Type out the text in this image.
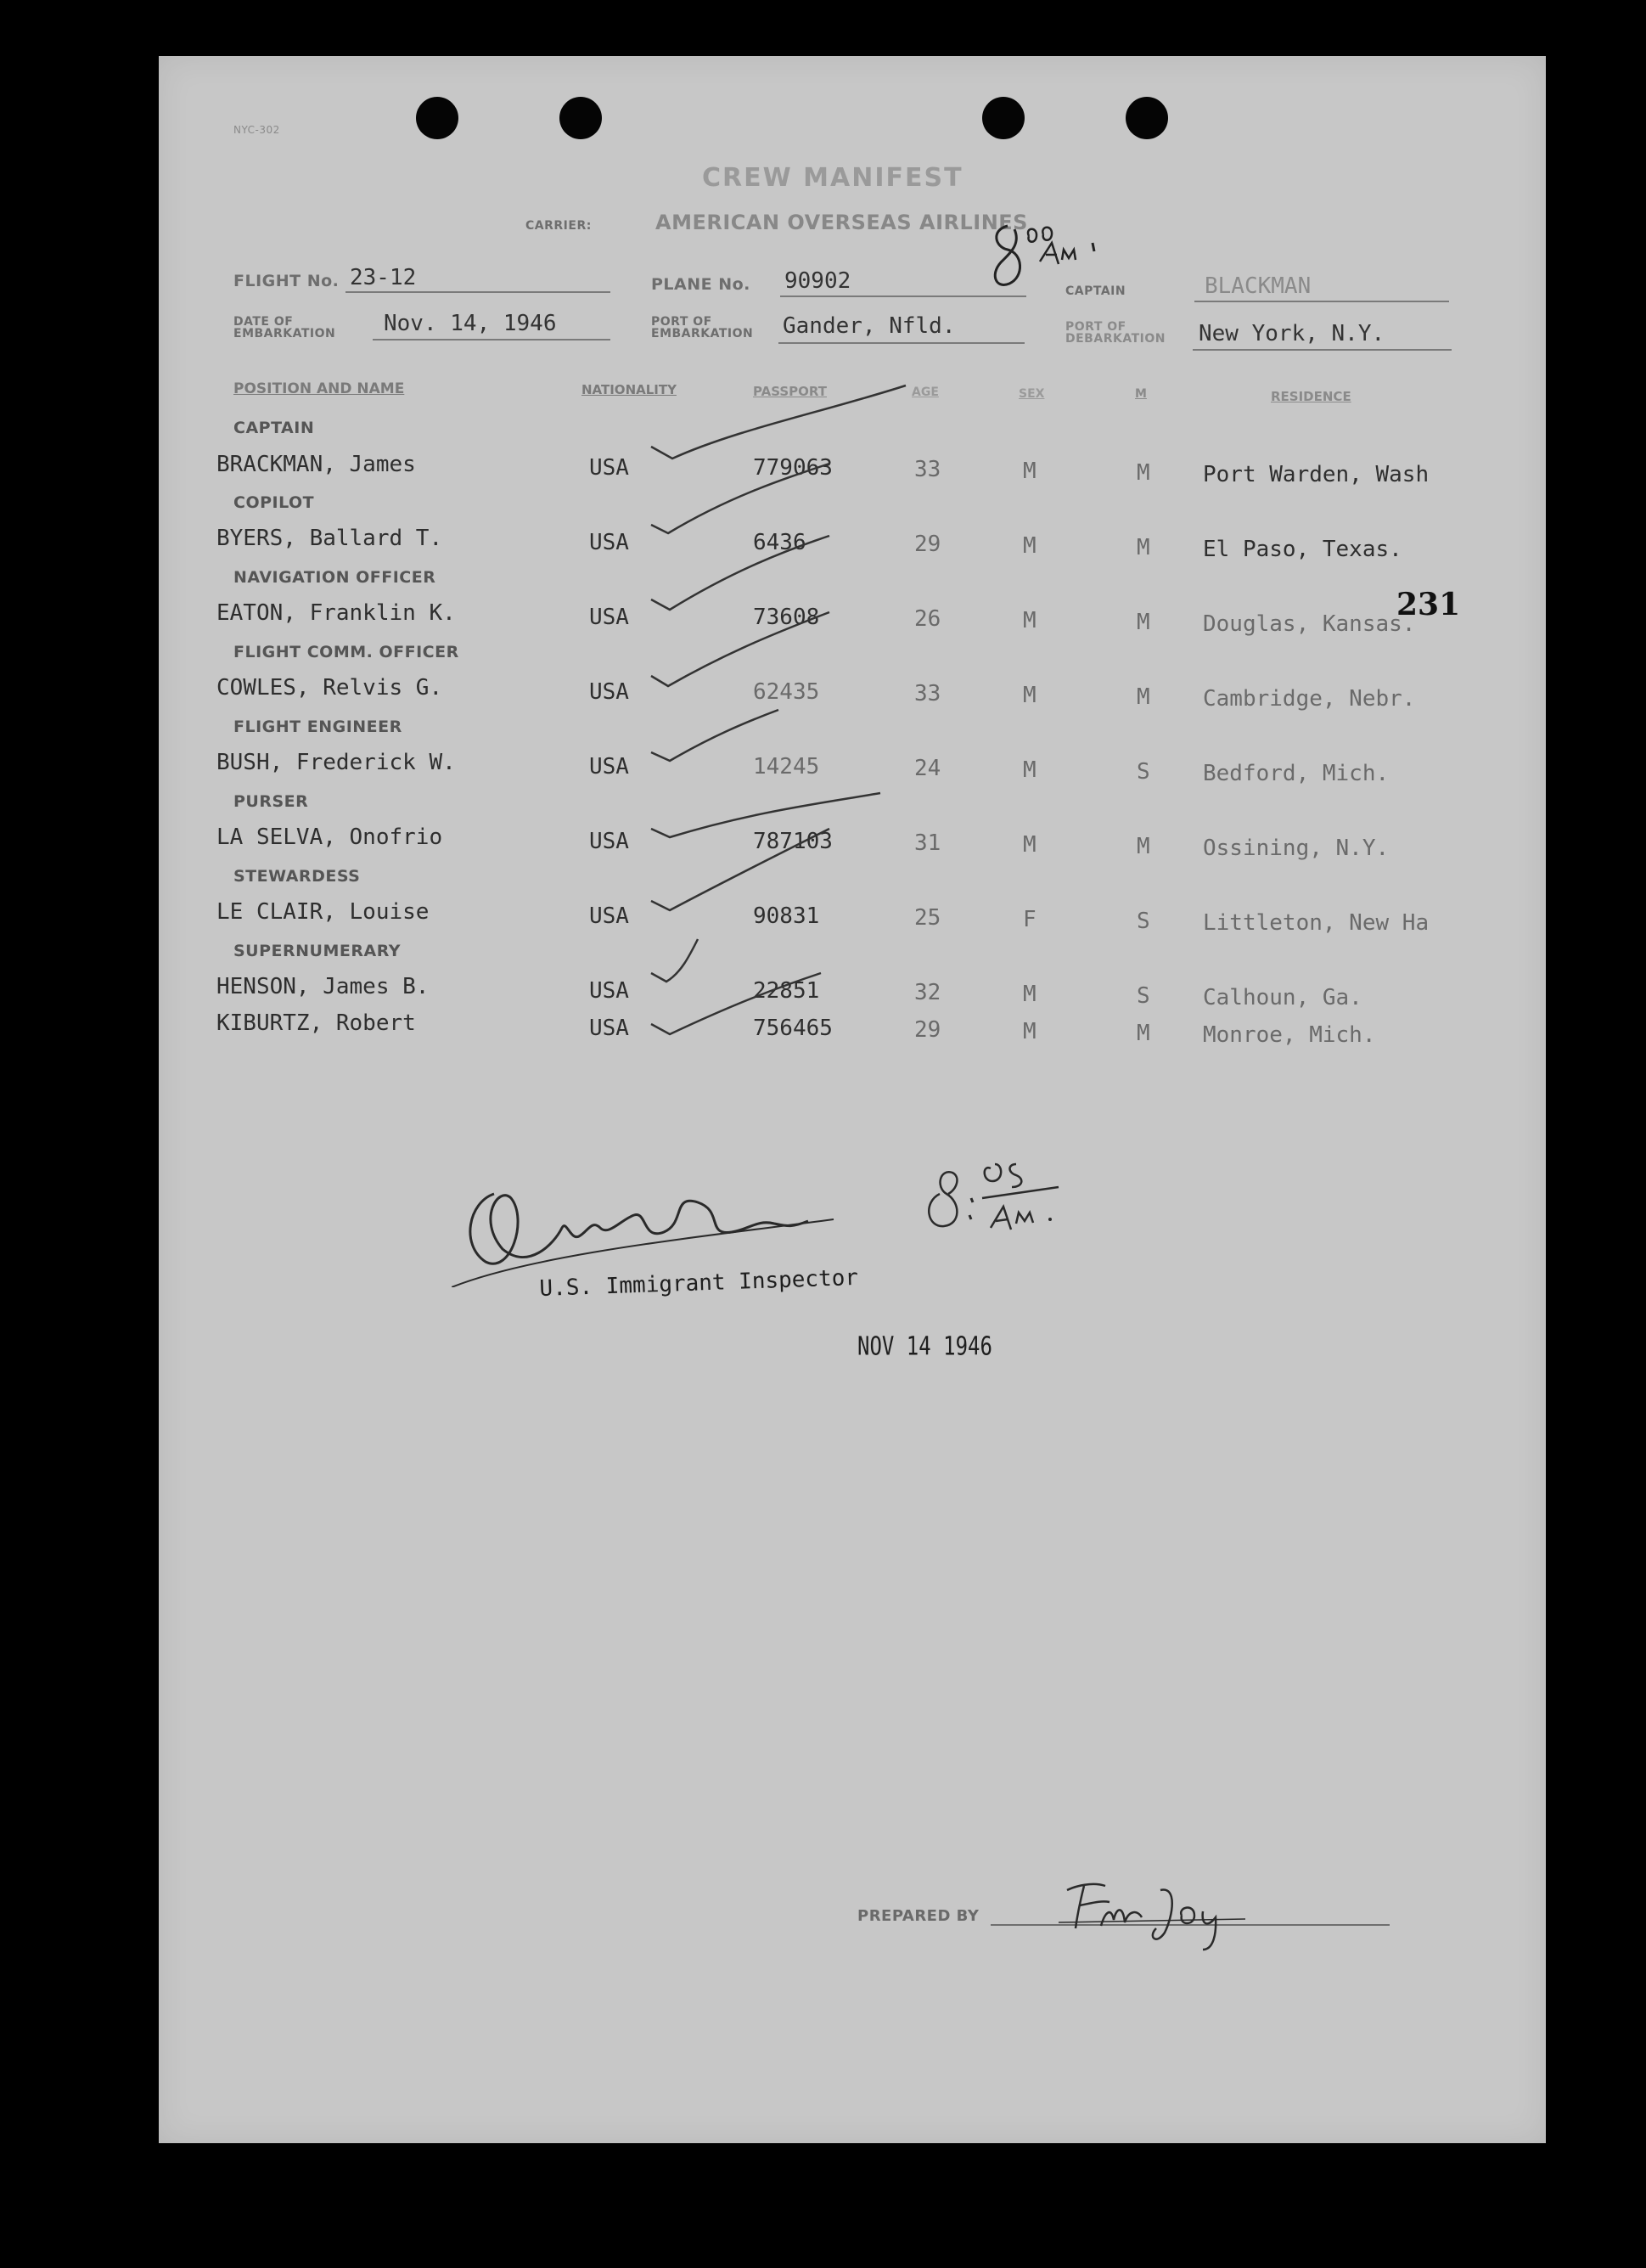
NYC-302
CREW MANIFEST
CARRIER:	AMERICAN OVERSEAS AIRLINES
FLIGHT No. 23-12	PLANE No. 90902	CAPTAIN	BLACKMAN
DATE OF EMBARKATION	Nov. 14, 1946	PORT OF EMBARKATION	Gander, Nfld.	PORT OF DEBARKATION	New York, N.Y.
POSITION AND NAME	NATIONALITY	PASSPORT	AGE	SEX	M	RESIDENCE
CAPTAIN
BRACKMAN, James	USA	779063	33	M	M Port Warden, Wash
COPILOT
BYERS, Ballard T.	USA	6436	29	M	M El Paso, Texas.
NAVIGATION OFFICER
EATON, Franklin K.	USA	73608	26	M	M Douglas, Kansas.
FLIGHT COMM. OFFICER
COWLES, Relvis G.	USA	62435	33	M	M Cambridge, Nebr.
FLIGHT ENGINEER
BUSH, Frederick W.	USA	14245	24	M	S Bedford, Mich.
PURSER
LA SELVA, Onofrio	USA	787103	31	M	M Ossining, N.Y.
STEWARDESS
LE CLAIR, Louise	USA	90831	25	F	S Littleton, New Ha
SUPERNUMERARY
HENSON, James B.	USA	22851	32	M	S Calhoun, Ga.
KIBURTZ, Robert	USA	756465	29	M	M Monroe, Mich.
231
U.S. Immigrant Inspector
NOV 14 1946
PREPARED BY
